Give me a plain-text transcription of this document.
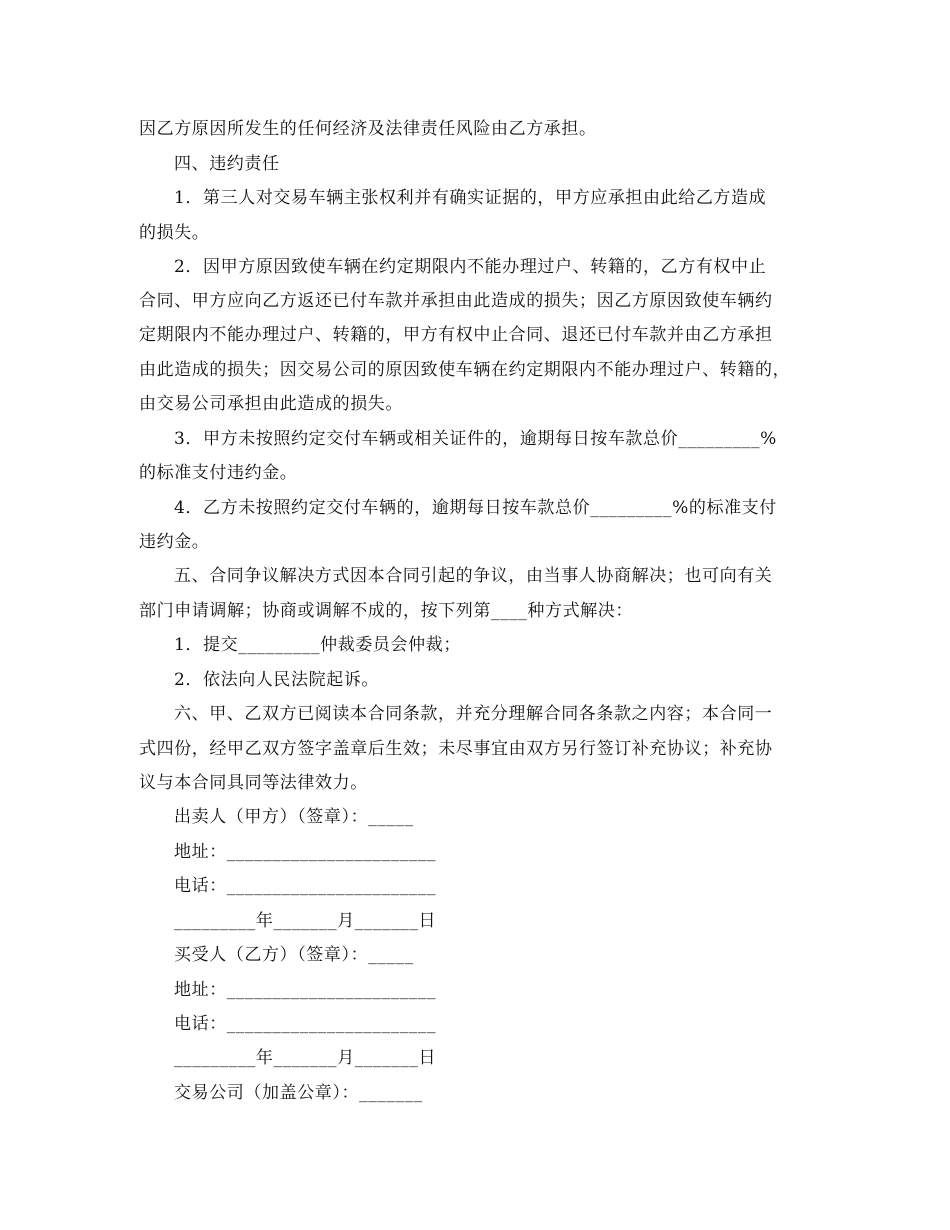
因乙方原因所发生的任何经济及法律责任风险由乙方承担。
四、违约责任
1．第三人对交易车辆主张权利并有确实证据的，甲方应承担由此给乙方造成
的损失。
2．因甲方原因致使车辆在约定期限内不能办理过户、转籍的，乙方有权中止
合同、甲方应向乙方返还已付车款并承担由此造成的损失；因乙方原因致使车辆约
定期限内不能办理过户、转籍的，甲方有权中止合同、退还已付车款并由乙方承担
由此造成的损失；因交易公司的原因致使车辆在约定期限内不能办理过户、转籍的，
由交易公司承担由此造成的损失。
3．甲方未按照约定交付车辆或相关证件的，逾期每日按车款总价_________%
的标准支付违约金。
4．乙方未按照约定交付车辆的，逾期每日按车款总价_________%的标准支付
违约金。
五、合同争议解决方式因本合同引起的争议，由当事人协商解决；也可向有关
部门申请调解；协商或调解不成的，按下列第____种方式解决：
1．提交_________仲裁委员会仲裁；
2．依法向人民法院起诉。
六、甲、乙双方已阅读本合同条款，并充分理解合同各条款之内容；本合同一
式四份，经甲乙双方签字盖章后生效；未尽事宜由双方另行签订补充协议；补充协
议与本合同具同等法律效力。
出卖人（甲方）（签章）：_____
地址：_______________________
电话：_______________________
_________年_______月_______日
买受人（乙方）（签章）：_____
地址：_______________________
电话：_______________________
_________年_______月_______日
交易公司（加盖公章）：_______
